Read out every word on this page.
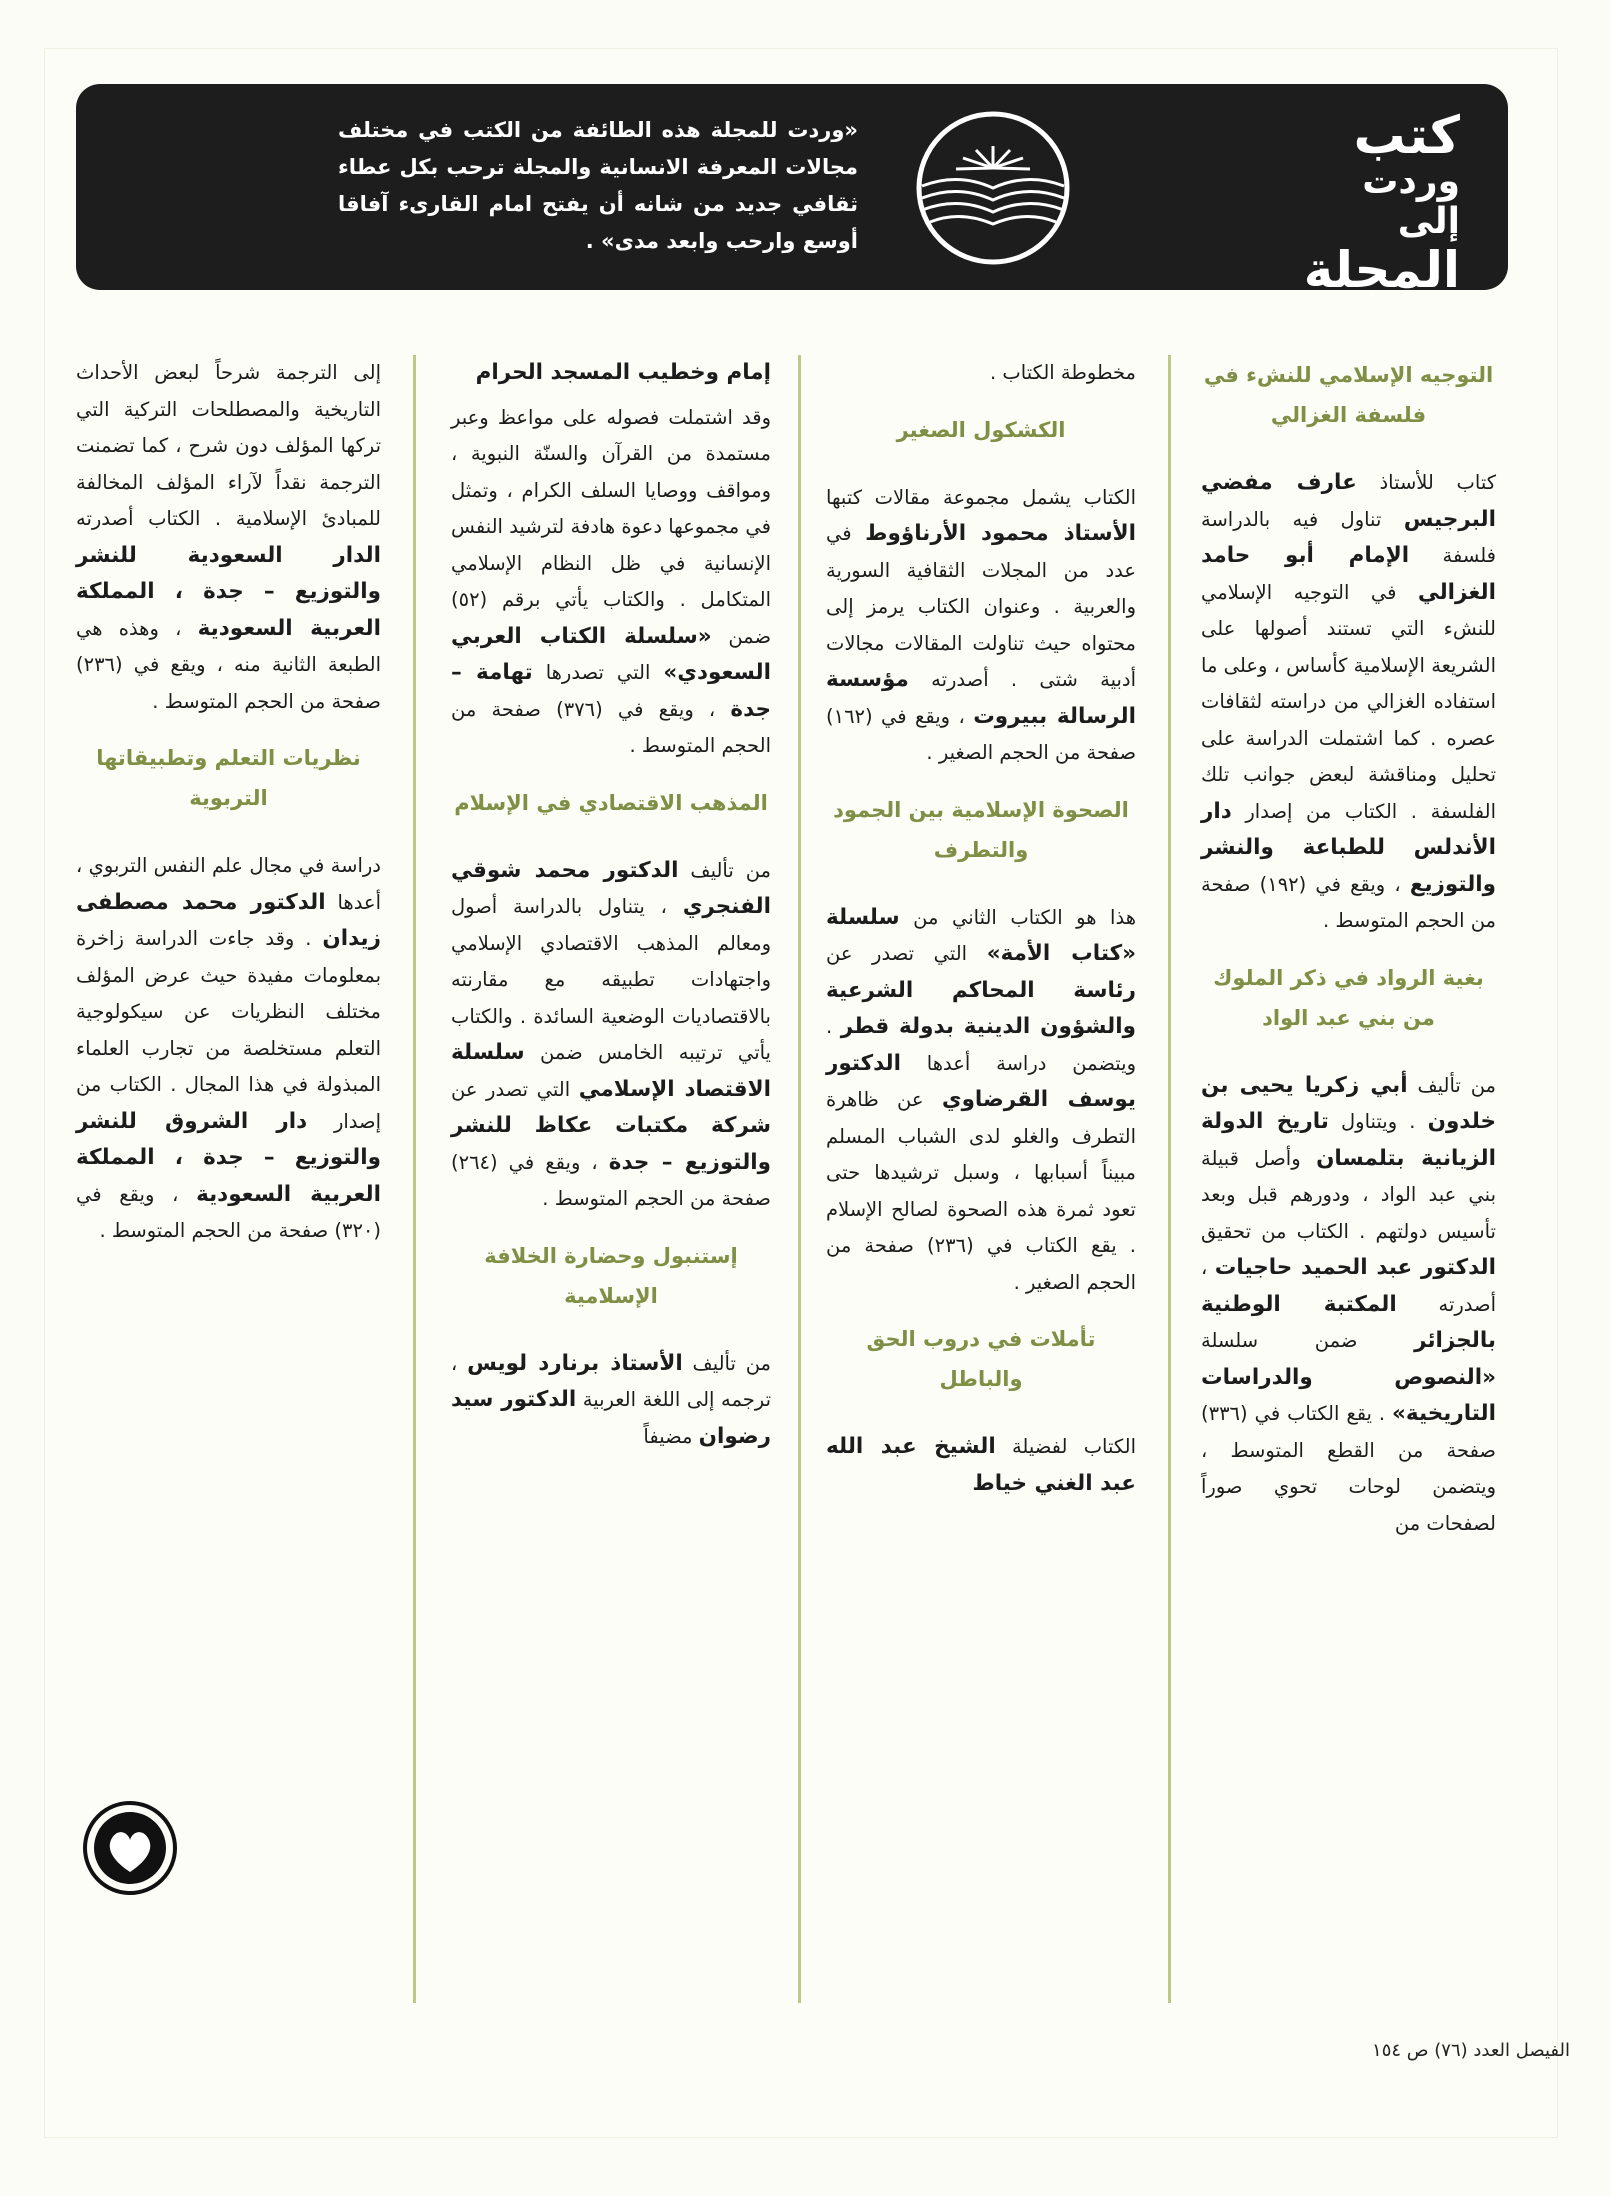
كتب
وردت إلى
المجلة
«وردت للمجلة هذه الطائفة من الكتب في مختلف مجالات المعرفة الانسانية والمجلة ترحب بكل عطاء ثقافي جديد من شانه أن يفتح امام القارىء آفاقا أوسع وارحب وابعد مدى» .
التوجيه الإسلامي للنشء في فلسفة الغزالي

كتاب للأستاذ عارف مفضي البرجيس تناول فيه بالدراسة فلسفة الإمام أبو حامد الغزالي في التوجيه الإسلامي للنشء التي تستند أصولها على الشريعة الإسلامية كأساس ، وعلى ما استفاده الغزالي من دراسته لثقافات عصره . كما اشتملت الدراسة على تحليل ومناقشة لبعض جوانب تلك الفلسفة . الكتاب من إصدار دار الأندلس للطباعة والنشر والتوزيع ، ويقع في (١٩٢) صفحة من الحجم المتوسط .

بغية الرواد في ذكر الملوك من بني عبد الواد

من تأليف أبي زكريا يحيى بن خلدون . ويتناول تاريخ الدولة الزيانية بتلمسان وأصل قبيلة بني عبد الواد ، ودورهم قبل وبعد تأسيس دولتهم . الكتاب من تحقيق الدكتور عبد الحميد حاجيات ، أصدرته المكتبة الوطنية بالجزائر ضمن سلسلة «النصوص والدراسات التاريخية» . يقع الكتاب في (٣٣٦) صفحة من القطع المتوسط ، ويتضمن لوحات تحوي صوراً لصفحات من

مخطوطة الكتاب .

الكشكول الصغير

الكتاب يشمل مجموعة مقالات كتبها الأستاذ محمود الأرناؤوط في عدد من المجلات الثقافية السورية والعربية . وعنوان الكتاب يرمز إلى محتواه حيث تناولت المقالات مجالات أدبية شتى . أصدرته مؤسسة الرسالة ببيروت ، ويقع في (١٦٢) صفحة من الحجم الصغير .

الصحوة الإسلامية بين الجمود والتطرف

هذا هو الكتاب الثاني من سلسلة «كتاب الأمة» التي تصدر عن رئاسة المحاكم الشرعية والشؤون الدينية بدولة قطر . ويتضمن دراسة أعدها الدكتور يوسف القرضاوي عن ظاهرة التطرف والغلو لدى الشباب المسلم مبيناً أسبابها ، وسبل ترشيدها حتى تعود ثمرة هذه الصحوة لصالح الإسلام . يقع الكتاب في (٢٣٦) صفحة من الحجم الصغير .

تأملات في دروب الحق والباطل

الكتاب لفضيلة الشيخ عبد الله عبد الغني خياط

إمام وخطيب المسجد الحرام

وقد اشتملت فصوله على مواعظ وعبر مستمدة من القرآن والسنّة النبوية ، ومواقف ووصايا السلف الكرام ، وتمثل في مجموعها دعوة هادفة لترشيد النفس الإنسانية في ظل النظام الإسلامي المتكامل . والكتاب يأتي برقم (٥٢) ضمن «سلسلة الكتاب العربي السعودي» التي تصدرها تهامة – جدة ، ويقع في (٣٧٦) صفحة من الحجم المتوسط .

المذهب الاقتصادي في الإسلام

من تأليف الدكتور محمد شوقي الفنجري ، يتناول بالدراسة أصول ومعالم المذهب الاقتصادي الإسلامي واجتهادات تطبيقه مع مقارنته بالاقتصاديات الوضعية السائدة . والكتاب يأتي ترتيبه الخامس ضمن سلسلة الاقتصاد الإسلامي التي تصدر عن شركة مكتبات عكاظ للنشر والتوزيع – جدة ، ويقع في (٢٦٤) صفحة من الحجم المتوسط .

إستنبول وحضارة الخلافة الإسلامية

من تأليف الأستاذ برنارد لويس ، ترجمه إلى اللغة العربية الدكتور سيد رضوان مضيفاً

إلى الترجمة شرحاً لبعض الأحداث التاريخية والمصطلحات التركية التي تركها المؤلف دون شرح ، كما تضمنت الترجمة نقداً لآراء المؤلف المخالفة للمبادئ الإسلامية . الكتاب أصدرته الدار السعودية للنشر والتوزيع – جدة ، المملكة العربية السعودية ، وهذه هي الطبعة الثانية منه ، ويقع في (٢٣٦) صفحة من الحجم المتوسط .

نظريات التعلم وتطبيقاتها التربوية

دراسة في مجال علم النفس التربوي ، أعدها الدكتور محمد مصطفى زيدان . وقد جاءت الدراسة زاخرة بمعلومات مفيدة حيث عرض المؤلف مختلف النظريات عن سيكولوجية التعلم مستخلصة من تجارب العلماء المبذولة في هذا المجال . الكتاب من إصدار دار الشروق للنشر والتوزيع – جدة ، المملكة العربية السعودية ، ويقع في (٣٢٠) صفحة من الحجم المتوسط .

الفيصل العدد (٧٦) ص ١٥٤
